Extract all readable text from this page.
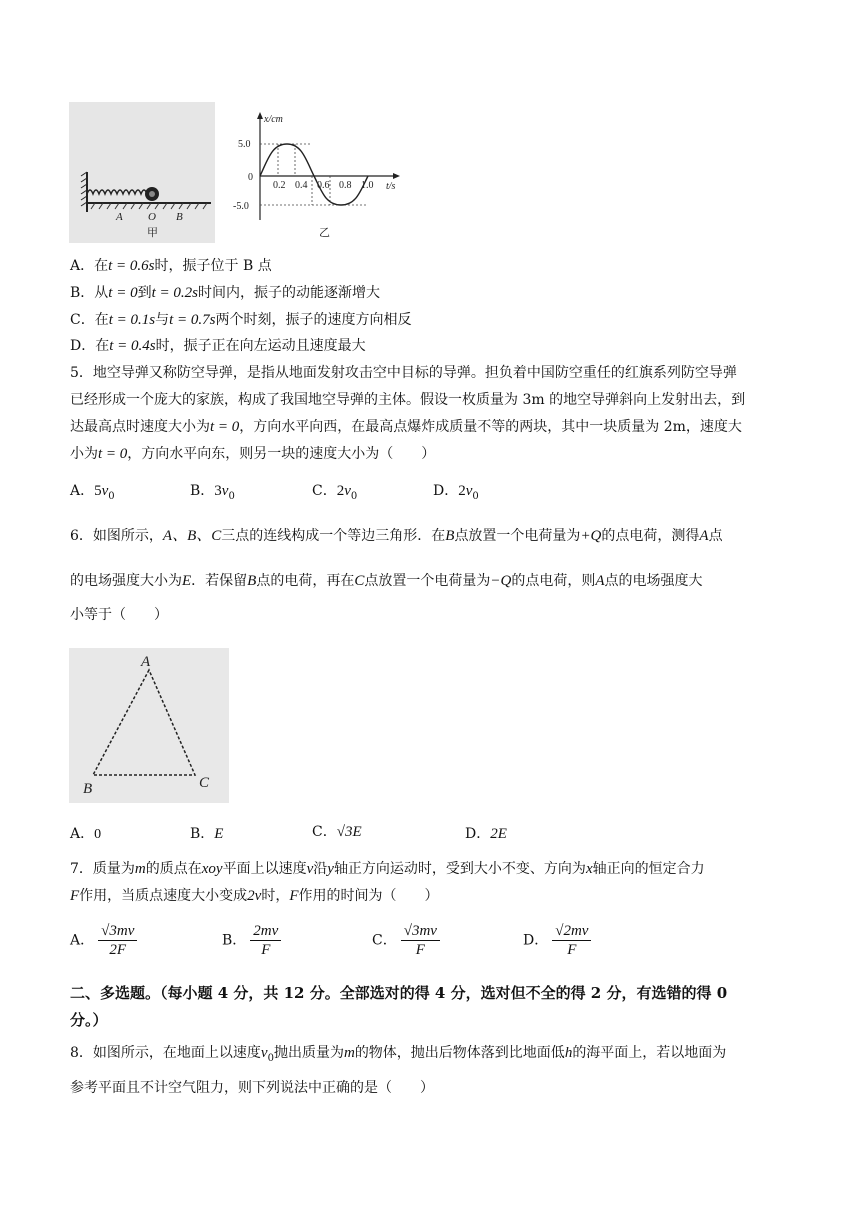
A O B
甲
x/cm
t/s
5.0
0
-5.0
0.2 0.4 0.6 0.8 1.0
乙
A．在t = 0.6s时，振子位于 B 点
B．从t = 0到t = 0.2s时间内，振子的动能逐渐增大
C．在t = 0.1s与t = 0.7s两个时刻，振子的速度方向相反
D．在t = 0.4s时，振子正在向左运动且速度最大
5．地空导弹又称防空导弹，是指从地面发射攻击空中目标的导弹。担负着中国防空重任的红旗系列防空导弹
已经形成一个庞大的家族，构成了我国地空导弹的主体。假设一枚质量为 3m 的地空导弹斜向上发射出去，到
达最高点时速度大小为t = 0，方向水平向西，在最高点爆炸成质量不等的两块，其中一块质量为 2m，速度大
小为t = 0，方向水平向东，则另一块的速度大小为（　　）
A．$5v_0$	B．$3v_0$	C．$2v_0$	D．$2v_0$
6．如图所示，A、B、C三点的连线构成一个等边三角形．在B点放置一个电荷量为+Q的点电荷，测得A点
的电场强度大小为E．若保留B点的电荷，再在C点放置一个电荷量为−Q的点电荷，则A点的电场强度大
小等于（　　）
A
B	C
A．0	B．E	C．√3E	D．2E
7．质量为m的质点在xoy平面上以速度v沿y轴正方向运动时，受到大小不变、方向为x轴正向的恒定合力
F作用，当质点速度大小变成2v时，F作用的时间为（　　）
A． $\frac{√3mv}{2F}$	B． $\frac{2mv}{F}$	C． $\frac{√3mv}{F}$	D． $\frac{√2mv}{F}$
二、多选题。（每小题 4 分，共 12 分。全部选对的得 4 分，选对但不全的得 2 分，有选错的得 0
分。）
8．如图所示，在地面上以速度$v_0$抛出质量为m的物体，抛出后物体落到比地面低h的海平面上，若以地面为
参考平面且不计空气阻力，则下列说法中正确的是（　　）
